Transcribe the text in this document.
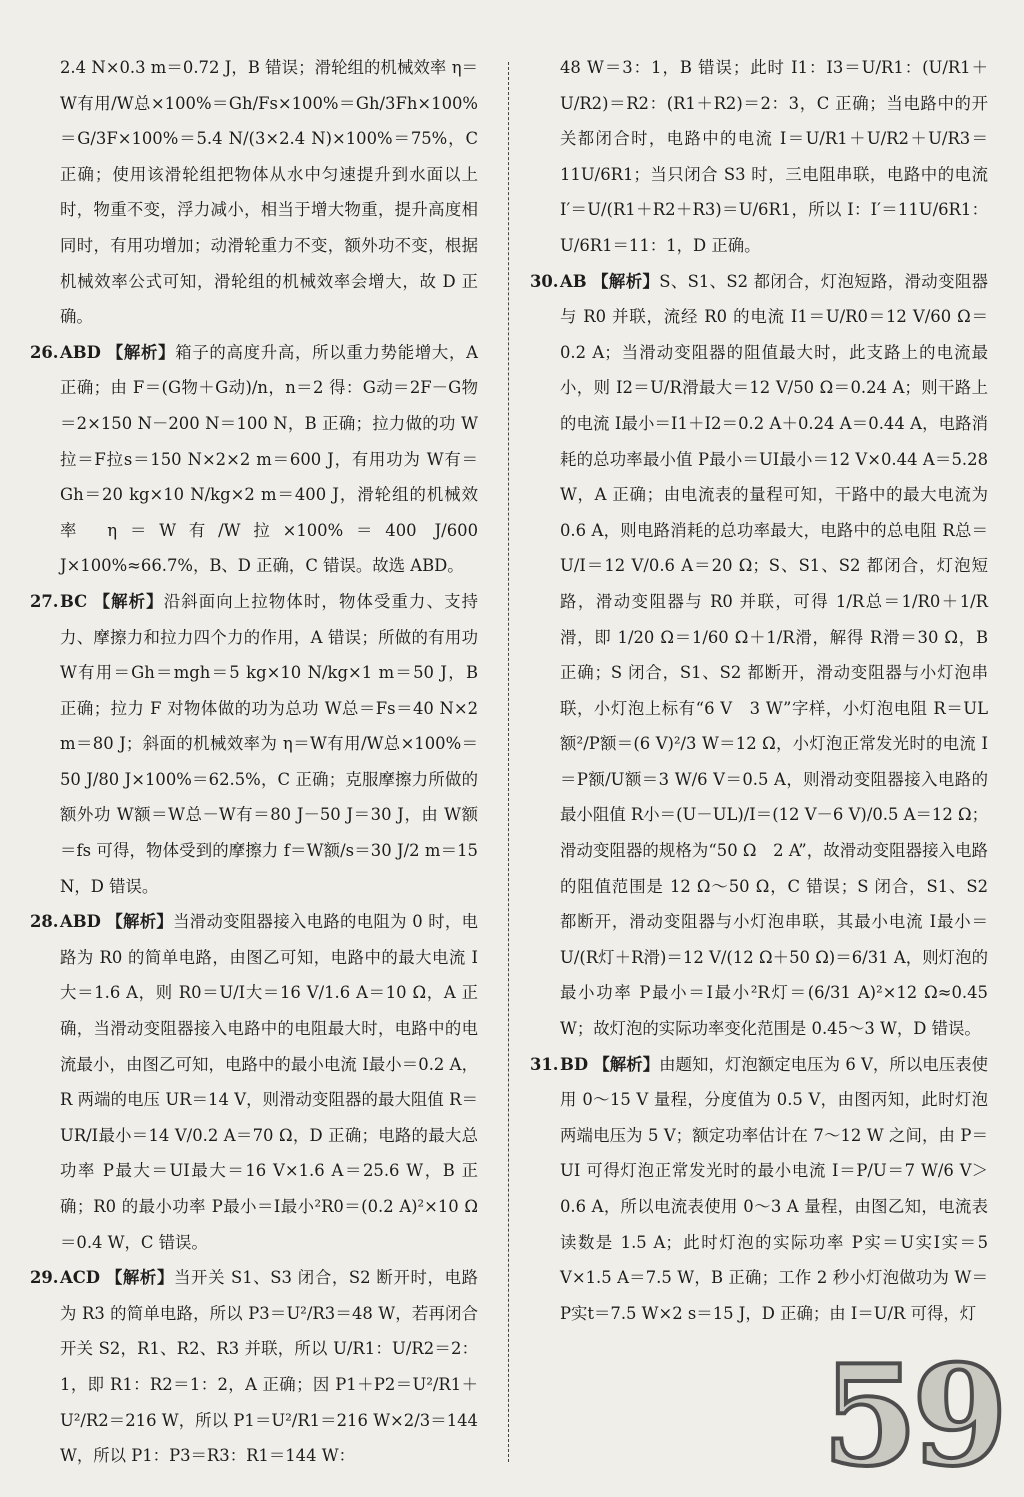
2.4 N×0.3 m＝0.72 J，B 错误；滑轮组的机械效率 η＝W有用/W总×100%＝Gh/Fs×100%＝Gh/3Fh×100%＝G/3F×100%＝5.4 N/(3×2.4 N)×100%＝75%，C 正确；使用该滑轮组把物体从水中匀速提升到水面以上时，物重不变，浮力减小，相当于增大物重，提升高度相同时，有用功增加；动滑轮重力不变，额外功不变，根据机械效率公式可知，滑轮组的机械效率会增大，故 D 正确。

26.ABD 【解析】箱子的高度升高，所以重力势能增大，A 正确；由 F＝(G物＋G动)/n，n＝2 得：G动＝2F－G物＝2×150 N－200 N＝100 N，B 正确；拉力做的功 W拉＝F拉s＝150 N×2×2 m＝600 J，有用功为 W有＝Gh＝20 kg×10 N/kg×2 m＝400 J，滑轮组的机械效率 η＝W有/W拉×100%＝400 J/600 J×100%≈66.7%，B、D 正确，C 错误。故选 ABD。

27.BC 【解析】沿斜面向上拉物体时，物体受重力、支持力、摩擦力和拉力四个力的作用，A 错误；所做的有用功 W有用＝Gh＝mgh＝5 kg×10 N/kg×1 m＝50 J，B 正确；拉力 F 对物体做的功为总功 W总＝Fs＝40 N×2 m＝80 J；斜面的机械效率为 η＝W有用/W总×100%＝50 J/80 J×100%＝62.5%，C 正确；克服摩擦力所做的额外功 W额＝W总－W有＝80 J－50 J＝30 J，由 W额＝fs 可得，物体受到的摩擦力 f＝W额/s＝30 J/2 m＝15 N，D 错误。

28.ABD 【解析】当滑动变阻器接入电路的电阻为 0 时，电路为 R0 的简单电路，由图乙可知，电路中的最大电流 I大＝1.6 A，则 R0＝U/I大＝16 V/1.6 A＝10 Ω，A 正确，当滑动变阻器接入电路中的电阻最大时，电路中的电流最小，由图乙可知，电路中的最小电流 I最小＝0.2 A，R 两端的电压 UR＝14 V，则滑动变阻器的最大阻值 R＝UR/I最小＝14 V/0.2 A＝70 Ω，D 正确；电路的最大总功率 P最大＝UI最大＝16 V×1.6 A＝25.6 W，B 正确；R0 的最小功率 P最小＝I最小²R0＝(0.2 A)²×10 Ω＝0.4 W，C 错误。

29.ACD 【解析】当开关 S1、S3 闭合，S2 断开时，电路为 R3 的简单电路，所以 P3＝U²/R3＝48 W，若再闭合开关 S2，R1、R2、R3 并联，所以 U/R1：U/R2＝2：1，即 R1：R2＝1：2，A 正确；因 P1＋P2＝U²/R1＋U²/R2＝216 W，所以 P1＝U²/R1＝216 W×2/3＝144 W，所以 P1：P3＝R3：R1＝144 W：

48 W＝3：1，B 错误；此时 I1：I3＝U/R1：(U/R1＋U/R2)＝R2：(R1＋R2)＝2：3，C 正确；当电路中的开关都闭合时，电路中的电流 I＝U/R1＋U/R2＋U/R3＝11U/6R1；当只闭合 S3 时，三电阻串联，电路中的电流 I′＝U/(R1＋R2＋R3)＝U/6R1，所以 I：I′＝11U/6R1：U/6R1＝11：1，D 正确。

30.AB 【解析】S、S1、S2 都闭合，灯泡短路，滑动变阻器与 R0 并联，流经 R0 的电流 I1＝U/R0＝12 V/60 Ω＝0.2 A；当滑动变阻器的阻值最大时，此支路上的电流最小，则 I2＝U/R滑最大＝12 V/50 Ω＝0.24 A；则干路上的电流 I最小＝I1＋I2＝0.2 A＋0.24 A＝0.44 A，电路消耗的总功率最小值 P最小＝UI最小＝12 V×0.44 A＝5.28 W，A 正确；由电流表的量程可知，干路中的最大电流为 0.6 A，则电路消耗的总功率最大，电路中的总电阻 R总＝U/I＝12 V/0.6 A＝20 Ω；S、S1、S2 都闭合，灯泡短路，滑动变阻器与 R0 并联，可得 1/R总＝1/R0＋1/R滑，即 1/20 Ω＝1/60 Ω＋1/R滑，解得 R滑＝30 Ω，B 正确；S 闭合，S1、S2 都断开，滑动变阻器与小灯泡串联，小灯泡上标有“6 V　3 W”字样，小灯泡电阻 R＝UL额²/P额＝(6 V)²/3 W＝12 Ω，小灯泡正常发光时的电流 I＝P额/U额＝3 W/6 V＝0.5 A，则滑动变阻器接入电路的最小阻值 R小＝(U－UL)/I＝(12 V－6 V)/0.5 A＝12 Ω；滑动变阻器的规格为“50 Ω　2 A”，故滑动变阻器接入电路的阻值范围是 12 Ω～50 Ω，C 错误；S 闭合，S1、S2 都断开，滑动变阻器与小灯泡串联，其最小电流 I最小＝U/(R灯＋R滑)＝12 V/(12 Ω＋50 Ω)＝6/31 A，则灯泡的最小功率 P最小＝I最小²R灯＝(6/31 A)²×12 Ω≈0.45 W；故灯泡的实际功率变化范围是 0.45～3 W，D 错误。

31.BD 【解析】由题知，灯泡额定电压为 6 V，所以电压表使用 0～15 V 量程，分度值为 0.5 V，由图丙知，此时灯泡两端电压为 5 V；额定功率估计在 7～12 W 之间，由 P＝UI 可得灯泡正常发光时的最小电流 I＝P/U＝7 W/6 V＞0.6 A，所以电流表使用 0～3 A 量程，由图乙知，电流表读数是 1.5 A；此时灯泡的实际功率 P实＝U实I实＝5 V×1.5 A＝7.5 W，B 正确；工作 2 秒小灯泡做功为 W＝P实t＝7.5 W×2 s＝15 J，D 正确；由 I＝U/R 可得，灯

59
